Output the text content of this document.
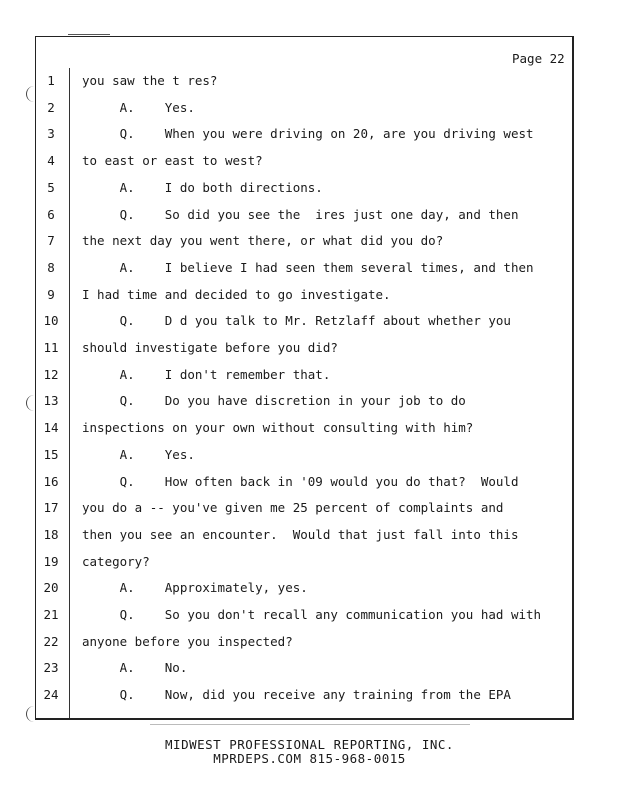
Page 22
1	you saw the t res?
2	A.    Yes.
3	Q.    When you were driving on 20, are you driving west
4	to east or east to west?
5	A.    I do both directions.
6	Q.    So did you see the  ires just one day, and then
7	the next day you went there, or what did you do?
8	A.    I believe I had seen them several times, and then
9	I had time and decided to go investigate.
10 Q.    D d you talk to Mr. Retzlaff about whether you
11 should investigate before you did?
12 A.    I don't remember that.
13 Q.    Do you have discretion in your job to do
14 inspections on your own without consulting with him?
15 A.    Yes.
16 Q.    How often back in '09 would you do that?  Would
17 you do a -- you've given me 25 percent of complaints and
18 then you see an encounter.  Would that just fall into this
19 category?
20 A.    Approximately, yes.
21 Q.    So you don't recall any communication you had with
22 anyone before you inspected?
23 A.    No.
24 Q.    Now, did you receive any training from the EPA
MIDWEST PROFESSIONAL REPORTING, INC.
MPRDEPS.COM 815-968-0015
